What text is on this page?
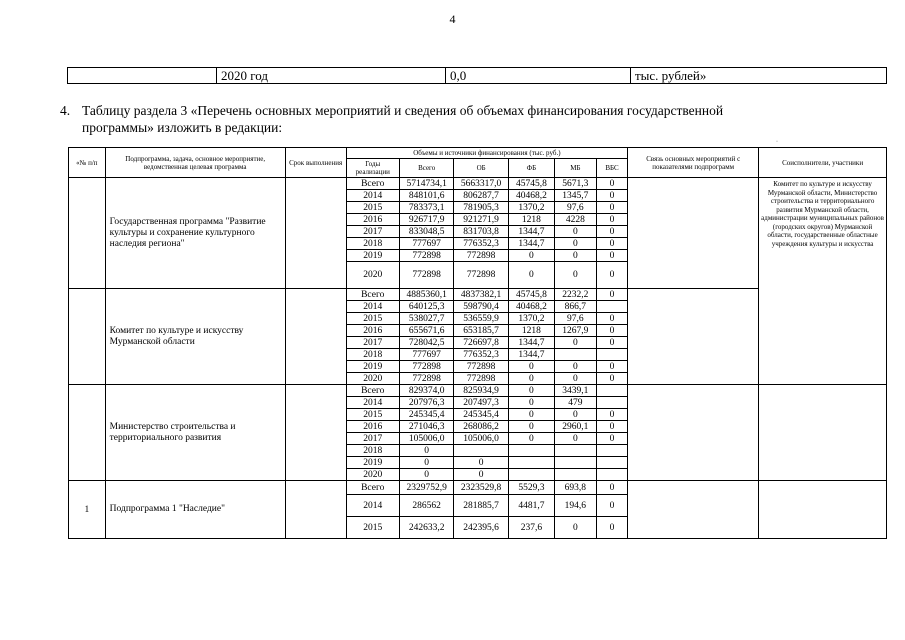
4
	2020 год	0,0	тыс. рублей»
4. Таблицу раздела 3 «Перечень основных мероприятий и сведения об объемах финансирования государственной
программы» изложить в редакции:
·
«№ п/п	Подпрограмма, задача, основное мероприятие, ведомственная целевая программа	Срок выполнения	Объемы и источники финансирования (тыс. руб.)						Связь основных мероприятий с показателями подпрограмм	Соисполнители, участники
			Годы реализации	Всего	ОБ	ФБ	МБ	ВБС		
	Государственная программа "Развитие культуры и сохранение культурного наследия региона"		Всего	5714734,1	5663317,0	45745,8	5671,3	0		Комитет по культуре и искусству Мурманской области, Министерство строительства и территориального развития Мурманской области, администрации муниципальных районов (городских округов) Мурманской области, государственные областные учреждения культуры и искусства
			2014	848101,6	806287,7	40468,2	1345,7	0		
			2015	783373,1	781905,3	1370,2	97,6	0		
			2016	926717,9	921271,9	1218	4228	0		
			2017	833048,5	831703,8	1344,7	0	0		
			2018	777697	776352,3	1344,7	0	0		
			2019	772898	772898	0	0	0		
			2020	772898	772898	0	0	0		
	Комитет по культуре и искусству Мурманской области		Всего	4885360,1	4837382,1	45745,8	2232,2	0		
			2014	640125,3	598790,4	40468,2	866,7			
			2015	538027,7	536559,9	1370,2	97,6	0		
			2016	655671,6	653185,7	1218	1267,9	0		
			2017	728042,5	726697,8	1344,7	0	0		
			2018	777697	776352,3	1344,7				
			2019	772898	772898	0	0	0		
			2020	772898	772898	0	0	0		
	Министерство строительства и территориального развития		Всего	829374,0	825934,9	0	3439,1			
			2014	207976,3	207497,3	0	479			
			2015	245345,4	245345,4	0	0	0		
			2016	271046,3	268086,2	0	2960,1	0		
			2017	105006,0	105006,0	0	0	0		
			2018	0						
			2019	0	0					
			2020	0	0					
1	Подпрограмма 1 "Наследие"		Всего	2329752,9	2323529,8	5529,3	693,8	0		
			2014	286562	281885,7	4481,7	194,6	0		
			2015	242633,2	242395,6	237,6	0	0		
